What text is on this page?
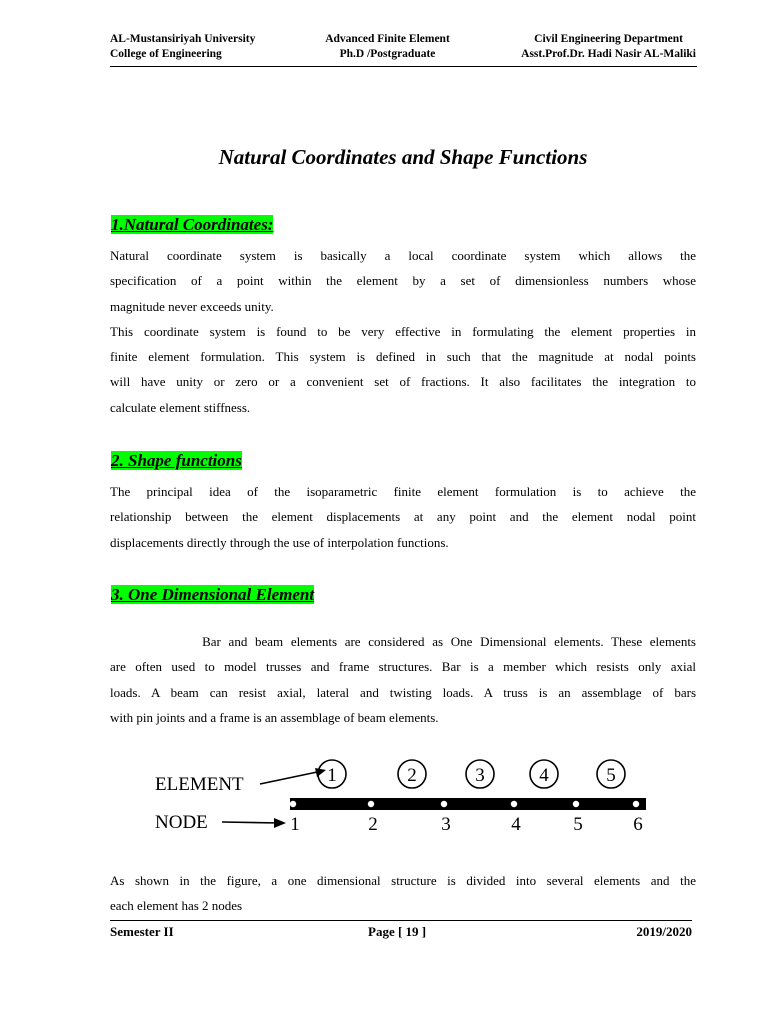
AL-Mustansiriyah University
College of Engineering
Advanced Finite Element
Ph.D /Postgraduate
Civil Engineering Department
Asst.Prof.Dr. Hadi Nasir AL-Maliki
Natural Coordinates and Shape Functions
1.Natural Coordinates:
Natural coordinate system is basically a local coordinate system which allows the
specification of a point within the element by a set of dimensionless numbers whose
magnitude never exceeds unity.
This coordinate system is found to be very effective in formulating the element properties in
finite element formulation. This system is defined in such that the magnitude at nodal points
will have unity or zero or a convenient set of fractions. It also facilitates the integration to
calculate element stiffness.
2. Shape functions
The principal idea of the isoparametric finite element formulation is to achieve the
relationship between the element displacements at any point and the element nodal point
displacements directly through the use of interpolation functions.
3. One Dimensional Element
Bar and beam elements are considered as One Dimensional elements. These elements
are often used to model trusses and frame structures. Bar is a member which resists only axial
loads. A beam can resist axial, lateral and twisting loads. A truss is an assemblage of bars
with pin joints and a frame is an assemblage of beam elements.
ELEMENT
NODE	1	2	3	4	5	6
1	2	3	4	5
As shown in the figure, a one dimensional structure is divided into several elements and the
each element has 2 nodes
Semester II	Page [ 19 ]	2019/2020
